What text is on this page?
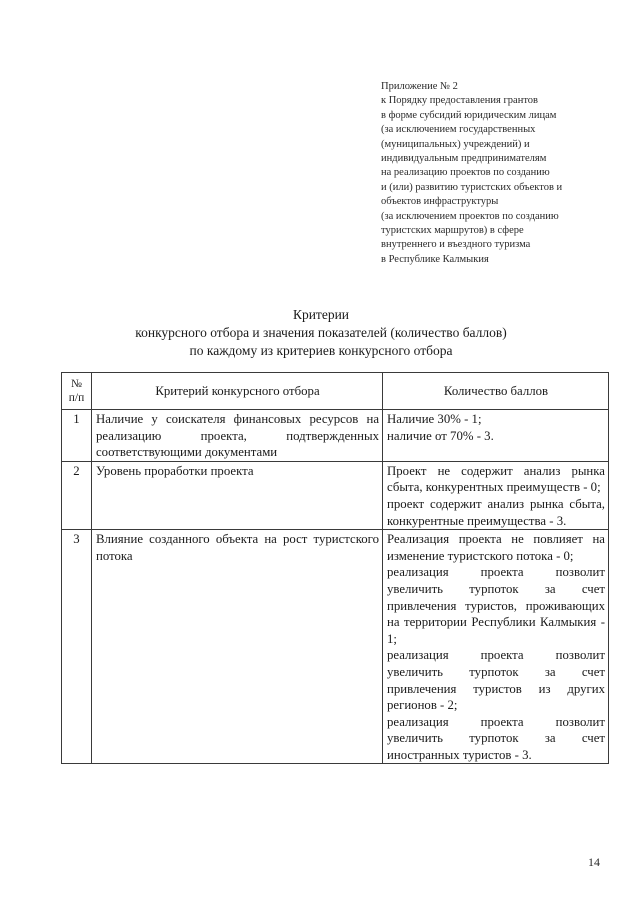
Приложение № 2
к Порядку предоставления грантов
в форме субсидий юридическим лицам
(за исключением государственных
(муниципальных) учреждений) и
индивидуальным предпринимателям
на реализацию проектов по созданию
и (или) развитию туристских объектов и
объектов инфраструктуры
(за исключением проектов по созданию
туристских маршрутов) в сфере
внутреннего и въездного туризма
в Республике Калмыкия
Критерии
конкурсного отбора и значения показателей (количество баллов)
по каждому из критериев конкурсного отбора
№
п/п	Критерий конкурсного отбора	Количество баллов
1	Наличие у соискателя финансовых ресурсов на реализацию проекта, подтвержденных соответствующими документами	Наличие 30% - 1;
наличие от 70% - 3.

2	Уровень проработки проекта	Проект не содержит анализ рынка сбыта, конкурентных преимуществ - 0;
проект содержит анализ рынка сбыта, конкурентные преимущества - 3.

3	Влияние созданного объекта на рост туристского потока	Реализация проекта не повлияет на изменение туристского потока - 0;
реализация проекта позволит увеличить турпоток за счет привлечения туристов, проживающих на территории Республики Калмыкия - 1;
реализация проекта позволит увеличить турпоток за счет привлечения туристов из других регионов - 2;
реализация проекта позволит увеличить турпоток за счет иностранных туристов - 3.
14
